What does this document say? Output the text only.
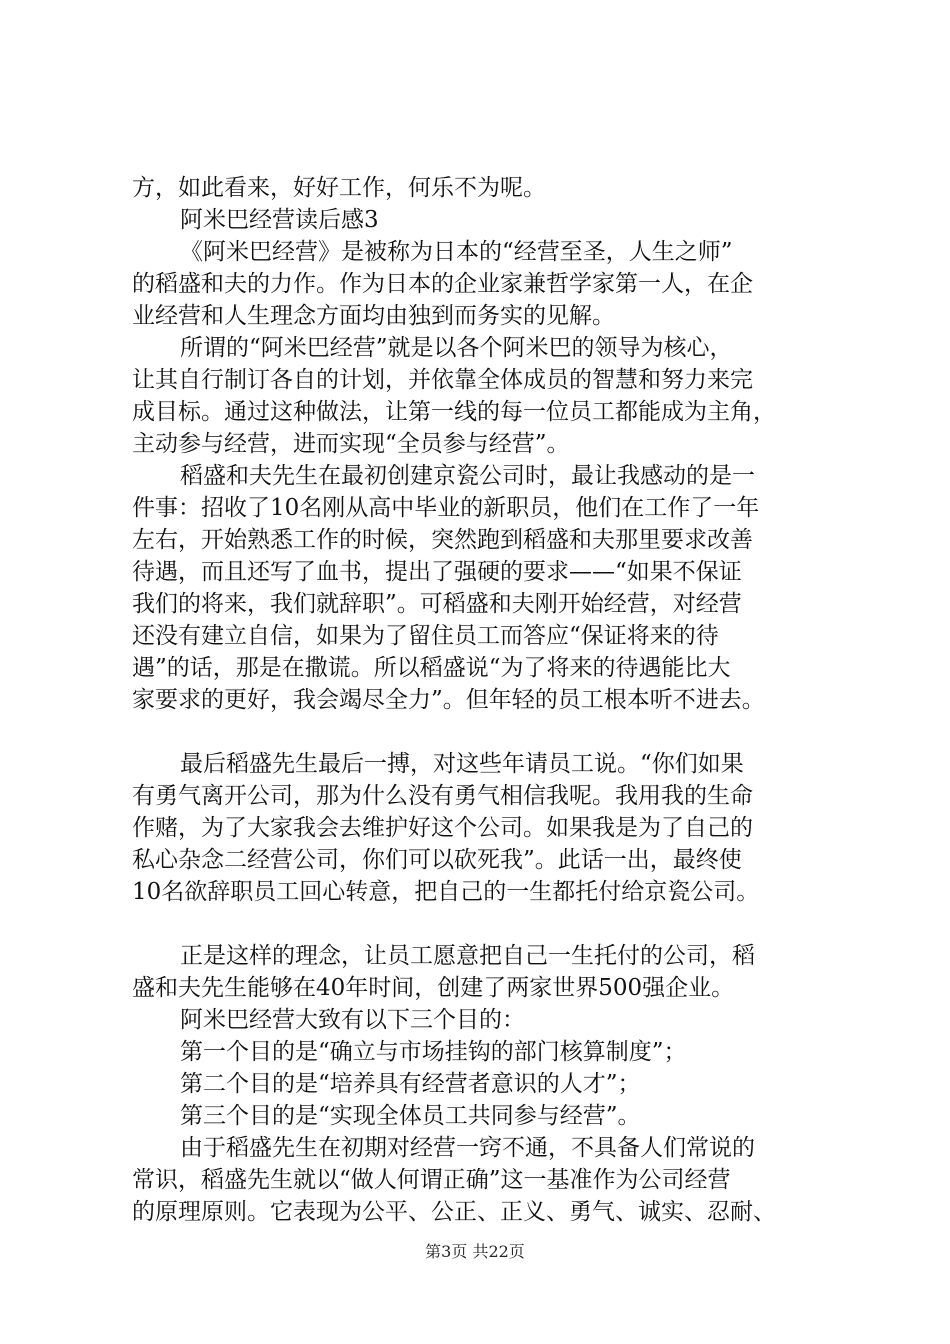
方，如此看来，好好工作，何乐不为呢。
阿米巴经营读后感3
《阿米巴经营》是被称为日本的“经营至圣，人生之师”
的稻盛和夫的力作。作为日本的企业家兼哲学家第一人，在企
业经营和人生理念方面均由独到而务实的见解。
所谓的“阿米巴经营”就是以各个阿米巴的领导为核心，
让其自行制订各自的计划，并依靠全体成员的智慧和努力来完
成目标。通过这种做法，让第一线的每一位员工都能成为主角，
主动参与经营，进而实现“全员参与经营”。
稻盛和夫先生在最初创建京瓷公司时，最让我感动的是一
件事：招收了10名刚从高中毕业的新职员，他们在工作了一年
左右，开始熟悉工作的时候，突然跑到稻盛和夫那里要求改善
待遇，而且还写了血书，提出了强硬的要求——“如果不保证
我们的将来，我们就辞职”。可稻盛和夫刚开始经营，对经营
还没有建立自信，如果为了留住员工而答应“保证将来的待
遇”的话，那是在撒谎。所以稻盛说“为了将来的待遇能比大
家要求的更好，我会竭尽全力”。但年轻的员工根本听不进去。
最后稻盛先生最后一搏，对这些年请员工说。“你们如果
有勇气离开公司，那为什么没有勇气相信我呢。我用我的生命
作赌，为了大家我会去维护好这个公司。如果我是为了自己的
私心杂念二经营公司，你们可以砍死我”。此话一出，最终使
10名欲辞职员工回心转意，把自己的一生都托付给京瓷公司。
正是这样的理念，让员工愿意把自己一生托付的公司，稻
盛和夫先生能够在40年时间，创建了两家世界500强企业。
阿米巴经营大致有以下三个目的：
第一个目的是“确立与市场挂钩的部门核算制度”；
第二个目的是“培养具有经营者意识的人才”；
第三个目的是“实现全体员工共同参与经营”。
由于稻盛先生在初期对经营一窍不通，不具备人们常说的
常识，稻盛先生就以“做人何谓正确”这一基准作为公司经营
的原理原则。它表现为公平、公正、正义、勇气、诚实、忍耐、
第3页 共22页
